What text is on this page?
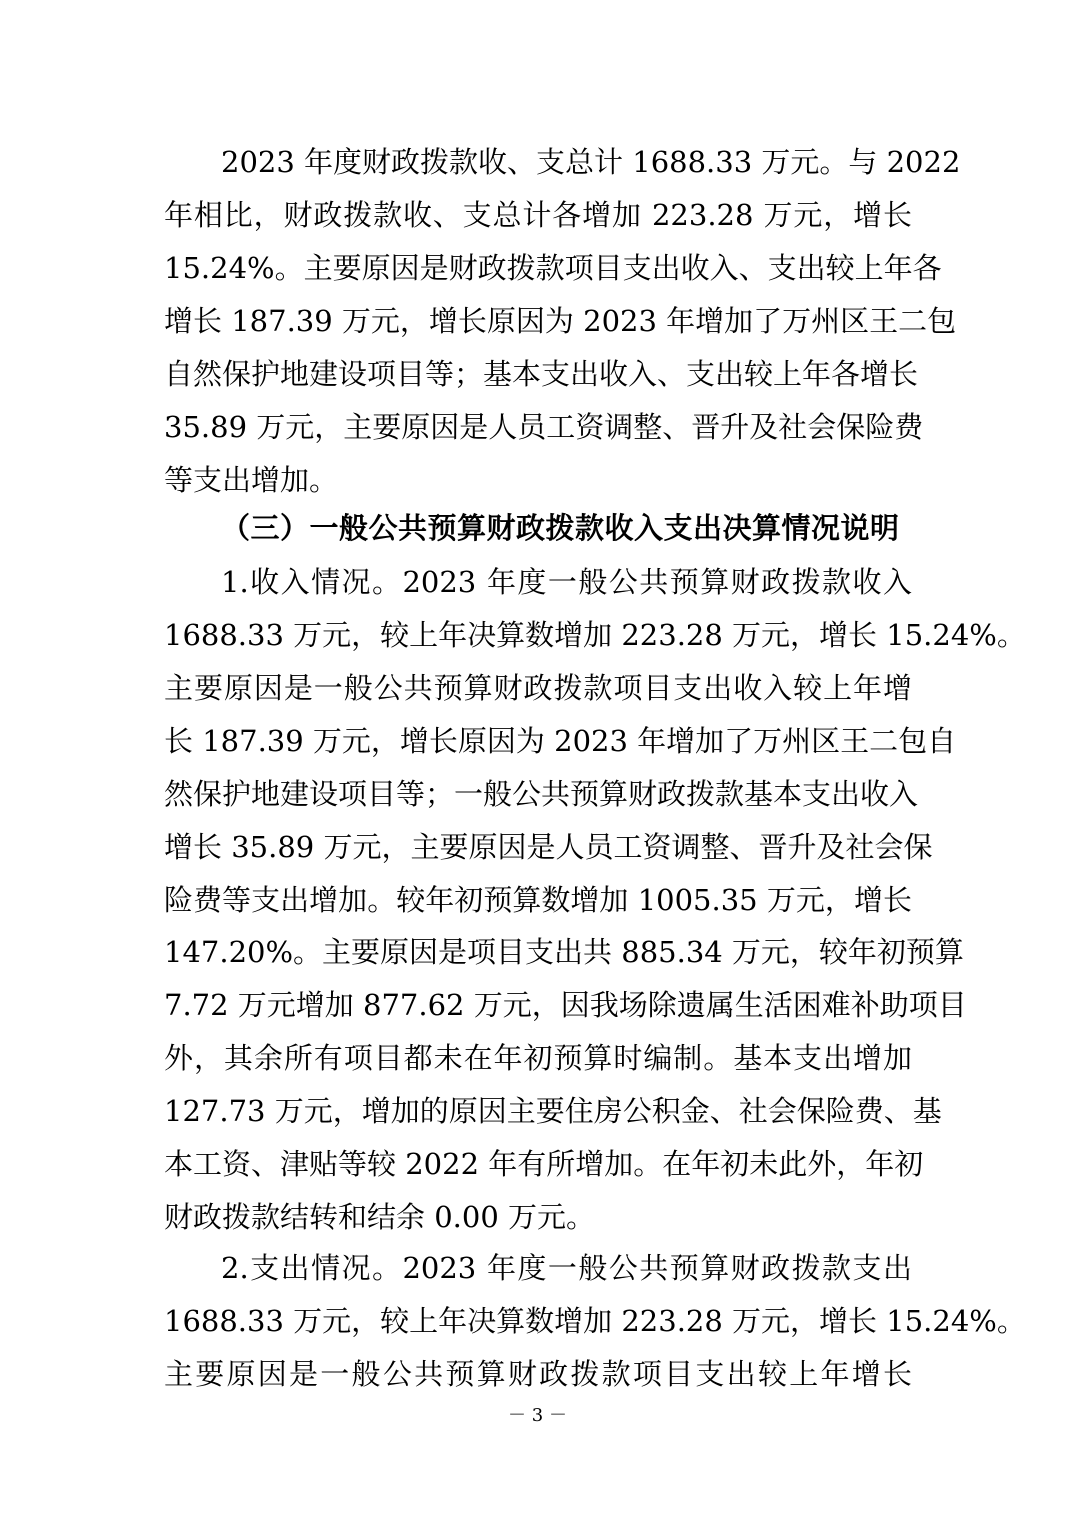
2023 年度财政拨款收、支总计 1688.33 万元。与 2022
年相比，财政拨款收、支总计各增加 223.28 万元，增长
15.24%。主要原因是财政拨款项目支出收入、支出较上年各
增长 187.39 万元，增长原因为 2023 年增加了万州区王二包
自然保护地建设项目等；基本支出收入、支出较上年各增长
35.89 万元，主要原因是人员工资调整、晋升及社会保险费
等支出增加。
（三）一般公共预算财政拨款收入支出决算情况说明
1.收入情况。2023 年度一般公共预算财政拨款收入
1688.33 万元，较上年决算数增加 223.28 万元，增长 15.24%。
主要原因是一般公共预算财政拨款项目支出收入较上年增
长 187.39 万元，增长原因为 2023 年增加了万州区王二包自
然保护地建设项目等；一般公共预算财政拨款基本支出收入
增长 35.89 万元，主要原因是人员工资调整、晋升及社会保
险费等支出增加。较年初预算数增加 1005.35 万元，增长
147.20%。主要原因是项目支出共 885.34 万元，较年初预算
7.72 万元增加 877.62 万元，因我场除遗属生活困难补助项目
外，其余所有项目都未在年初预算时编制。基本支出增加
127.73 万元，增加的原因主要住房公积金、社会保险费、基
本工资、津贴等较 2022 年有所增加。在年初未此外，年初
财政拨款结转和结余 0.00 万元。
2.支出情况。2023 年度一般公共预算财政拨款支出
1688.33 万元，较上年决算数增加 223.28 万元，增长 15.24%。
主要原因是一般公共预算财政拨款项目支出较上年增长
－ 3 －
